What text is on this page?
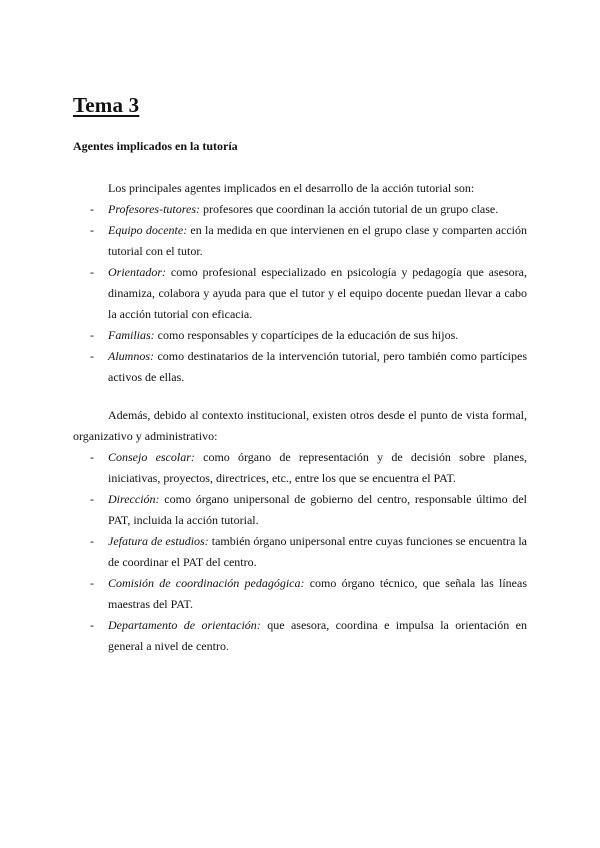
Tema 3
Agentes implicados en la tutoría

Los principales agentes implicados en el desarrollo de la acción tutorial son:

- Profesores-tutores: profesores que coordinan la acción tutorial de un grupo clase.
- Equipo docente: en la medida en que intervienen en el grupo clase y comparten acción tutorial con el tutor.
- Orientador: como profesional especializado en psicología y pedagogía que asesora, dinamiza, colabora y ayuda para que el tutor y el equipo docente puedan llevar a cabo la acción tutorial con eficacia.
- Familias: como responsables y copartícipes de la educación de sus hijos.
- Alumnos: como destinatarios de la intervención tutorial, pero también como partícipes activos de ellas.

Además, debido al contexto institucional, existen otros desde el punto de vista formal, organizativo y administrativo:

- Consejo escolar: como órgano de representación y de decisión sobre planes, iniciativas, proyectos, directrices, etc., entre los que se encuentra el PAT.
- Dirección: como órgano unipersonal de gobierno del centro, responsable último del PAT, incluida la acción tutorial.
- Jefatura de estudios: también órgano unipersonal entre cuyas funciones se encuentra la de coordinar el PAT del centro.
- Comisión de coordinación pedagógica: como órgano técnico, que señala las líneas maestras del PAT.
- Departamento de orientación: que asesora, coordina e impulsa la orientación en general a nivel de centro.
